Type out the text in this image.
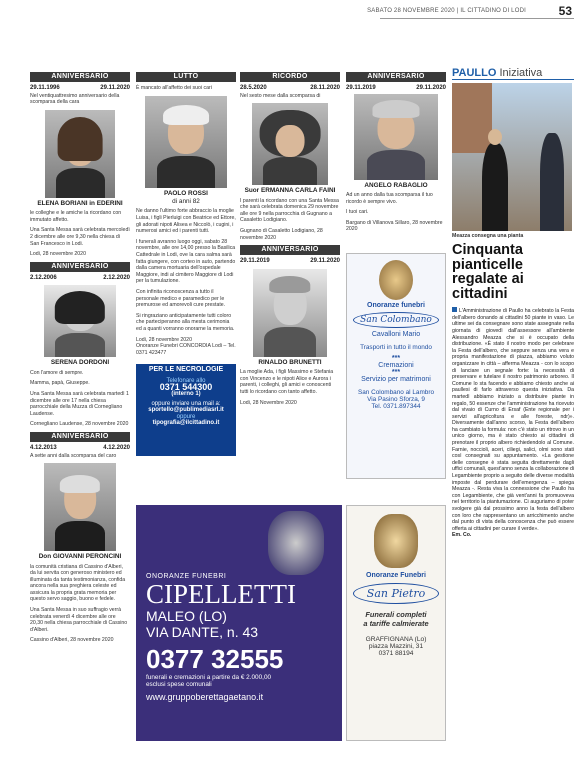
SABATO 28 NOVEMBRE 2020 | IL CITTADINO DI LODI	53
ANNIVERSARIO
29.11.1996	29.11.2020
Nel ventiquattresimo anniversario della scomparsa della cara
ELENA BORIANI in EDERINI
le colleghe e le amiche la ricordano con immutato affetto.
Una Santa Messa sarà celebrata mercoledì 2 dicembre alle ore 9,30 nella chiesa di San Francesco in Lodi.
Lodi, 28 novembre 2020
ANNIVERSARIO
2.12.2006	2.12.2020
SERENA DORDONI
Con l'amore di sempre.
Mamma, papà, Giuseppe.
Una Santa Messa sarà celebrata martedì 1 dicembre alle ore 17 nella chiesa parrocchiale della Muzza di Cornegliano Laudense.
Cornegliano Laudense, 28 novembre 2020
ANNIVERSARIO
4.12.2013	4.12.2020
A sette anni dalla scomparsa del caro
Don GIOVANNI PERONCINI
la comunità cristiana di Cassino d'Alberi, da lui servita con generoso ministero ed illuminata da tanta testimonianza, confida ancora nella sua preghiera celeste ed assicura la propria grata memoria per questo servo saggio, buono e fedele.
Una Santa Messa in suo suffragio verrà celebrata venerdì 4 dicembre alle ore 20,30 nella chiesa parrocchiale di Cassino d'Alberi.
Cassino d'Alberi, 28 novembre 2020
LUTTO
È mancato all'affetto dei suoi cari
PAOLO ROSSI
di anni 82
Ne danno l'ultimo forte abbraccio la moglie Luisa, i figli Pierluigi con Beatrice ed Ettore, gli adorati nipoti Alisea e Niccolò, i cugini, i numerosi amici ed i parenti tutti.
I funerali avranno luogo oggi, sabato 28 novembre, alle ore 14,00 presso la Basilica Cattedrale in Lodi, ove la cara salma sarà fatta giungere, con corteo in auto, partendo dalla camera mortuaria dell'ospedale Maggiore, indi al cimitero Maggiore di Lodi per la tumulazione.
Con infinita riconoscenza a tutto il personale medico e paramedico per le premurose ed amorevoli cure prestate.
Si ringraziano anticipatamente tutti coloro che parteciperanno alla mesta cerimonia ed a quanti vorranno onorarne la memoria.
Lodi, 28 novembre 2020
Onoranze Funebri CONCORDIA Lodi – Tel. 0371 423477
PER LE NECROLOGIE
Telefonare allo
0371 544300
(interno 1)
oppure inviare una mail a:
sportello@publimediasrl.it
oppure
tipografia@ilcittadino.it
RICORDO
28.5.2020	28.11.2020
Nel sesto mese dalla scomparsa di
Suor ERMANNA CARLA FAINI
I parenti la ricordano con una Santa Messa che sarà celebrata domenica 29 novembre alle ore 9 nella parrocchia di Gugnano a Casaletto Lodigiano.
Gugnano di Casaletto Lodigiano, 28 novembre 2020
ANNIVERSARIO
29.11.2019	29.11.2020
RINALDO BRUNETTI
La moglie Ada, i figli Massimo e Stefania con Vincenzo e le nipoti Alice e Aurora i parenti, i colleghi, gli amici e conoscenti tutti lo ricordano con tanto affetto.
Lodi, 28 Novembre 2020
ANNIVERSARIO
29.11.2019	29.11.2020
ANGELO RABAGLIO
Ad un anno dalla tua scomparsa il tuo ricordo è sempre vivo.
I tuoi cari.
Bargano di Villanova Sillaro, 28 novembre 2020
Onoranze funebri
San Colombano
Cavalloni Mario
Trasporti in tutto il mondo
***
Cremazioni
***
Servizio per matrimoni
San Colombano al Lambro
Via Pasino Sforza, 9
Tel. 0371.897344
ONORANZE FUNEBRI
CIPELLETTI
MALEO (LO)
VIA DANTE, n. 43
0377 32555
funerali e cremazioni a partire da € 2.000,00
esclusi spese comunali
www.gruppoberettagaetano.it
Onoranze Funebri
San Pietro
Funerali completi
a tariffe calmierate
GRAFFIGNANA (Lo)
piazza Mazzini, 31
0371 88194
PAULLO Iniziativa
Meazza consegna una pianta
Cinquanta pianticelle regalate ai cittadini
L'Amministrazione di Paullo ha celebrato la Festa dell'albero donando ai cittadini 50 piante in vaso. Le ultime sei da consegnare sono state assegnate nella giornata di giovedì dall'assessore all'ambiente Alessandro Meazza che si è occupato della distribuzione. «È stato il nostro modo per celebrare la Festa dell'albero, che seppure senza una vera e propria manifestazione di piazza, abbiamo voluto organizzare in città – afferma Meazza - con lo scopo di lanciare un segnale forte: la necessità di preservare e tutelare il nostro patrimonio arboreo. Il Comune lo sta facendo e abbiamo chiesto anche ai paullesi di farlo attraverso questa iniziativa. Da martedì abbiamo iniziato a distribuire piante in regalo, 50 essenze che l'amministrazione ha ricevuto dal vivaio di Curno di Ersaf (Ente regionale per i servizi all'agricoltura e alle foreste, ndr)». Diversamente dall'anno scorso, la Festa dell'albero ha cambiato la formula: non c'è stato un ritrovo in un unico giorno, ma è stato chiesto ai cittadini di prenotare il proprio albero richiedendolo al Comune. Farnie, noccioli, aceri, ciliegi, salici, olmi sono stati così consegnati su appuntamento. «La gestione delle consegne è stata seguita direttamente dagli uffici comunali, quest'anno senza la collaborazione di Legambiente proprio a seguito delle diverse modalità imposte dal perdurare dell'emergenza – spiega Meazza -. Resta viva la connessione che Paullo ha con Legambiente, che già vent'anni fa promuoveva nel territorio la piantumazione. Ci auguriamo di poter svolgere già dal prossimo anno la festa dell'albero con loro che rappresentano un arricchimento anche dal punto di vista della conoscenza che può essere offerta ai cittadini per curare il verde».
Em. Co.
